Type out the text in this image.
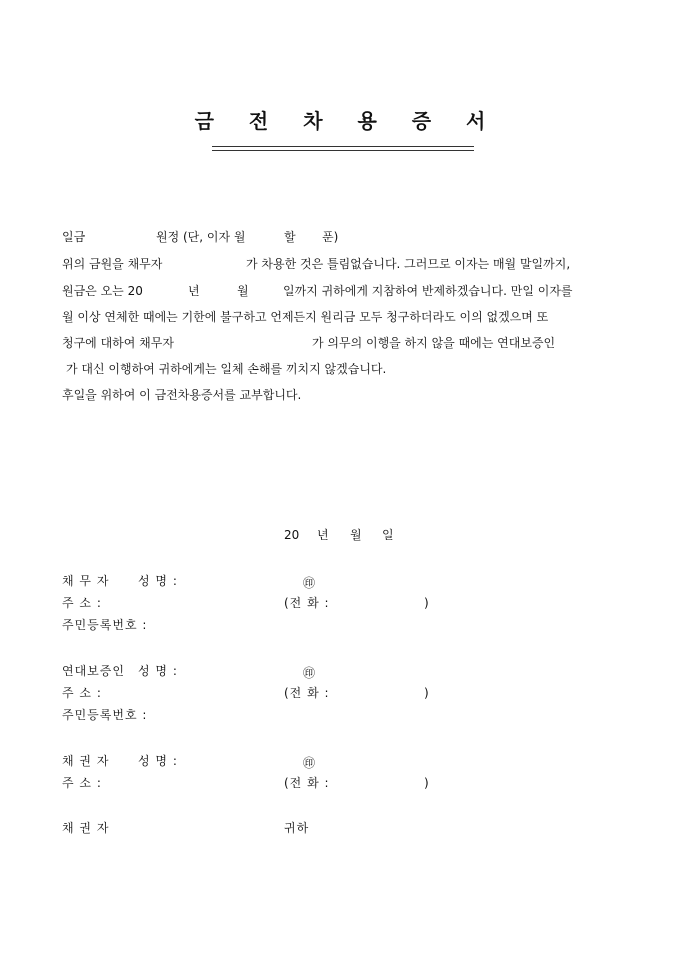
금 전 차 용 증 서
일금	원정 (단, 이자 월	할 푼)
위의 금원을 채무자	가 차용한 것은 틀림없습니다. 그러므로 이자는 매월 말일까지,
원금은 오는 20	년	월	일까지 귀하에게 지참하여 반제하겠습니다. 만일 이자를
월 이상 연체한 때에는 기한에 불구하고 언제든지 원리금 모두 청구하더라도 이의 없겠으며 또
청구에 대하여 채무자	가 의무의 이행을 하지 않을 때에는 연대보증인
가 대신 이행하여 귀하에게는 일체 손해를 끼치지 않겠습니다.
후일을 위하여 이 금전차용증서를 교부합니다.
20 년 월 일
채 무 자 성 명 :	㊞
주 소 :	(전 화 :	)
주민등록번호 :
연대보증인 성 명 :	㊞
주 소 :	(전 화 :	)
주민등록번호 :
채 권 자 성 명 :	㊞
주 소 :	(전 화 :	)
채 권 자	귀하
